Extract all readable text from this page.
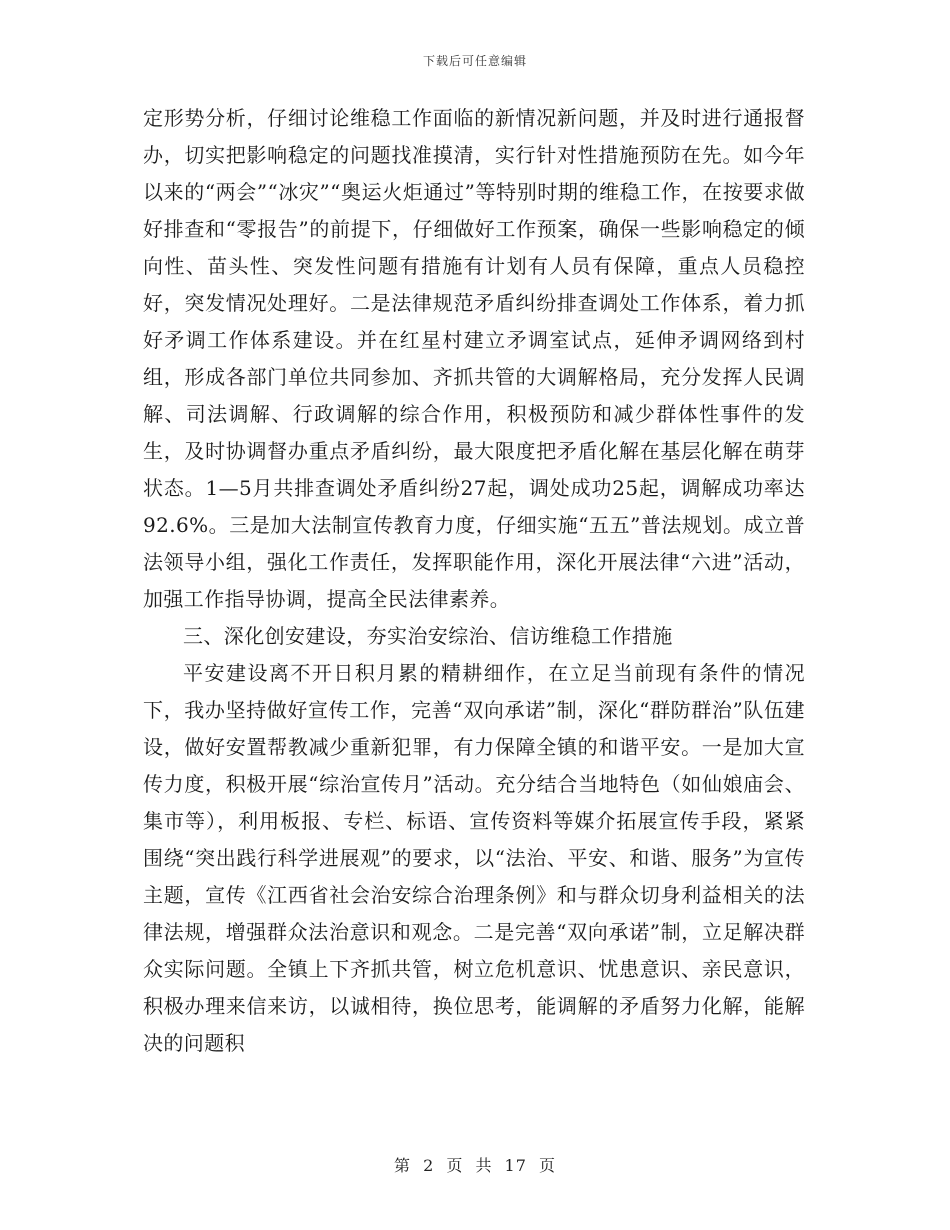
下载后可任意编辑

定形势分析，仔细讨论维稳工作面临的新情况新问题，并及时进行通报督办，切实把影响稳定的问题找准摸清，实行针对性措施预防在先。如今年以来的“两会”“冰灾”“奥运火炬通过”等特别时期的维稳工作，在按要求做好排查和“零报告”的前提下，仔细做好工作预案，确保一些影响稳定的倾向性、苗头性、突发性问题有措施有计划有人员有保障，重点人员稳控好，突发情况处理好。二是法律规范矛盾纠纷排查调处工作体系，着力抓好矛调工作体系建设。并在红星村建立矛调室试点，延伸矛调网络到村组，形成各部门单位共同参加、齐抓共管的大调解格局，充分发挥人民调解、司法调解、行政调解的综合作用，积极预防和减少群体性事件的发生，及时协调督办重点矛盾纠纷，最大限度把矛盾化解在基层化解在萌芽状态。1—5月共排查调处矛盾纠纷27起，调处成功25起，调解成功率达92.6%。三是加大法制宣传教育力度，仔细实施“五五”普法规划。成立普法领导小组，强化工作责任，发挥职能作用，深化开展法律“六进”活动，加强工作指导协调，提高全民法律素养。

三、深化创安建设，夯实治安综治、信访维稳工作措施

平安建设离不开日积月累的精耕细作，在立足当前现有条件的情况下，我办坚持做好宣传工作，完善“双向承诺”制，深化“群防群治”队伍建设，做好安置帮教减少重新犯罪，有力保障全镇的和谐平安。一是加大宣传力度，积极开展“综治宣传月”活动。充分结合当地特色（如仙娘庙会、集市等），利用板报、专栏、标语、宣传资料等媒介拓展宣传手段，紧紧围绕“突出践行科学进展观”的要求，以“法治、平安、和谐、服务”为宣传主题，宣传《江西省社会治安综合治理条例》和与群众切身利益相关的法律法规，增强群众法治意识和观念。二是完善“双向承诺”制，立足解决群众实际问题。全镇上下齐抓共管，树立危机意识、忧患意识、亲民意识，积极办理来信来访，以诚相待，换位思考，能调解的矛盾努力化解，能解决的问题积

第 2 页 共 17 页
